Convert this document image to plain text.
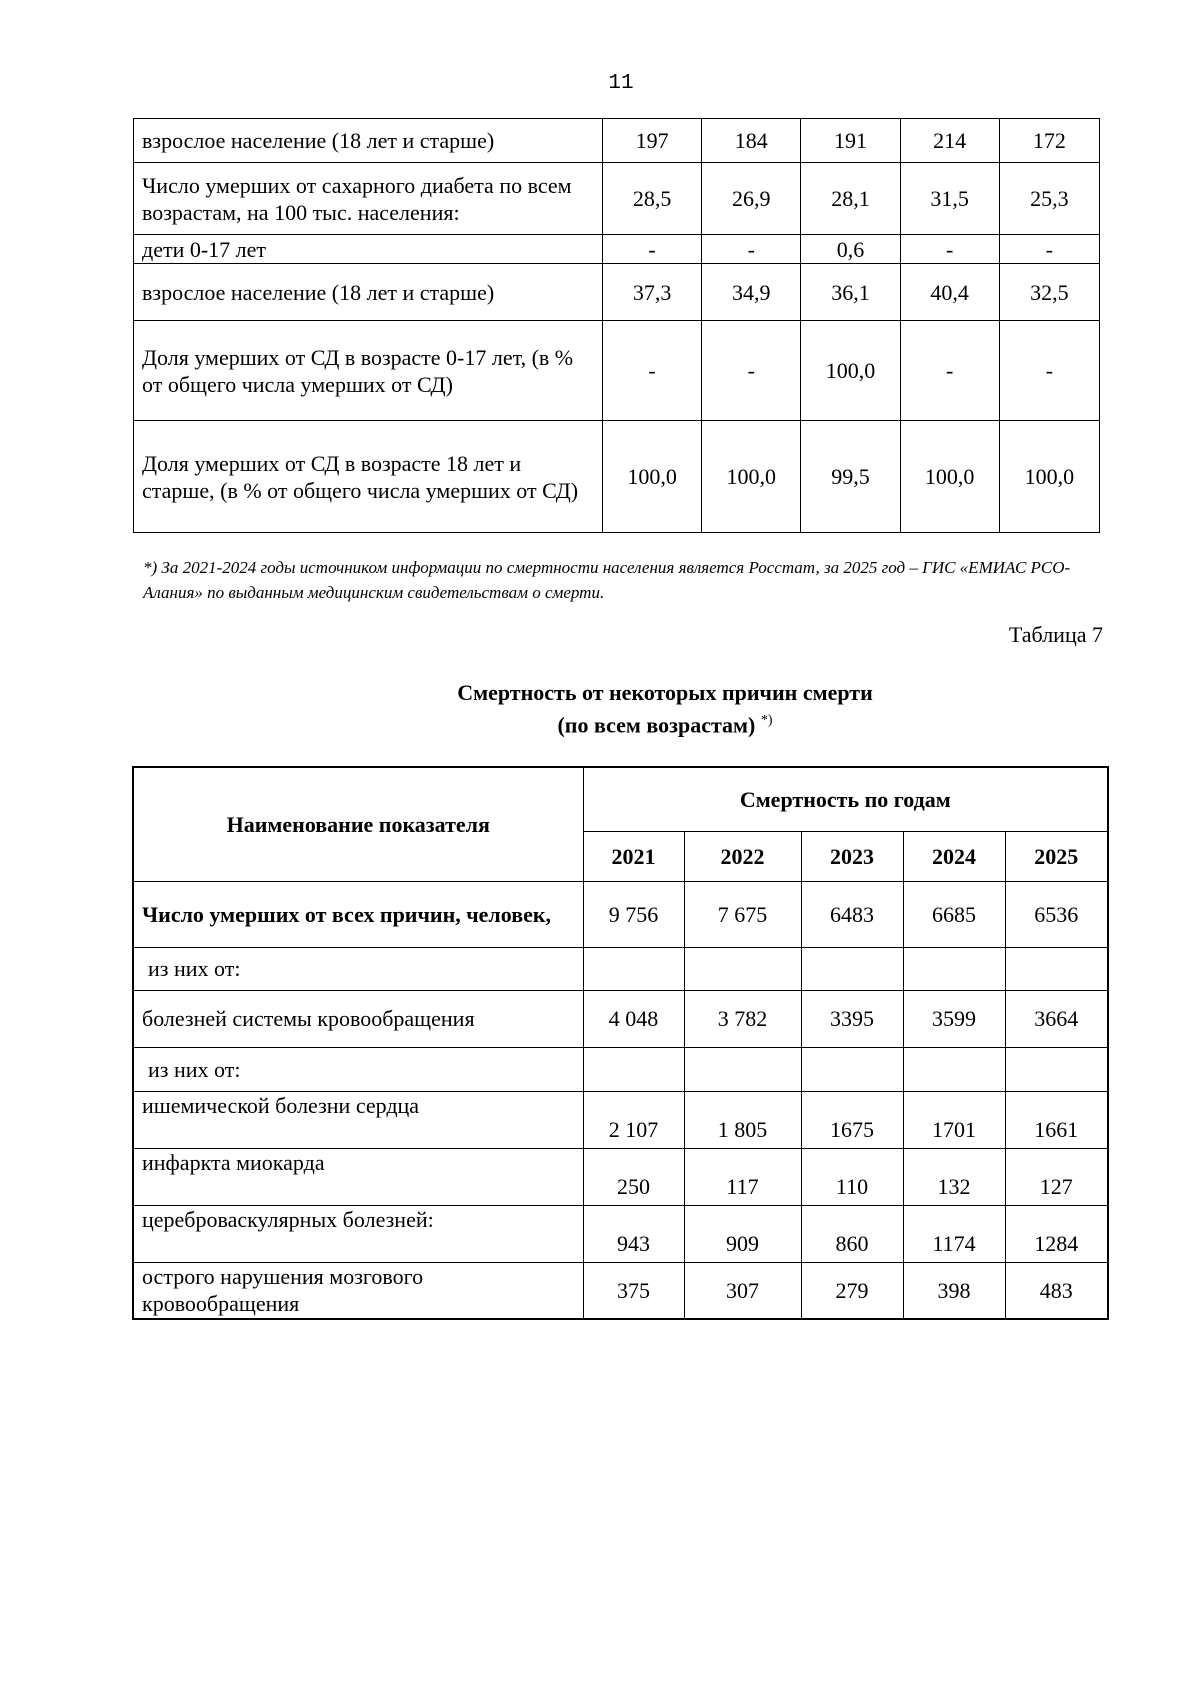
11
взрослое население (18 лет и старше)	197	184	191	214	172
Число умерших от сахарного диабета по всем возрастам, на 100 тыс. населения:	28,5	26,9	28,1	31,5	25,3
дети 0-17 лет	-	-	0,6	-	-
взрослое население (18 лет и старше)	37,3	34,9	36,1	40,4	32,5
Доля умерших от СД в возрасте 0-17 лет, (в % от общего числа умерших от СД)	-	-	100,0	-	-
Доля умерших от СД в возрасте 18 лет и старше, (в % от общего числа умерших от СД)	100,0	100,0	99,5	100,0	100,0
*) За 2021-2024 годы источником информации по смертности населения является Росстат, за 2025 год – ГИС «ЕМИАС РСО-Алания» по выданным медицинским свидетельствам о смерти.
Таблица 7
Смертность от некоторых причин смерти
(по всем возрастам) *)
Наименование показателя	Смертность по годам				
	2021	2022	2023	2024	2025
Число умерших от всех причин, человек,	9 756	7 675	6483	6685	6536
из них от:					
болезней системы кровообращения	4 048	3 782	3395	3599	3664
из них от:					
ишемической болезни сердца	2 107	1 805	1675	1701	1661
инфаркта миокарда	250	117	110	132	127
цереброваскулярных болезней:	943	909	860	1174	1284
острого нарушения мозгового кровообращения	375	307	279	398	483
